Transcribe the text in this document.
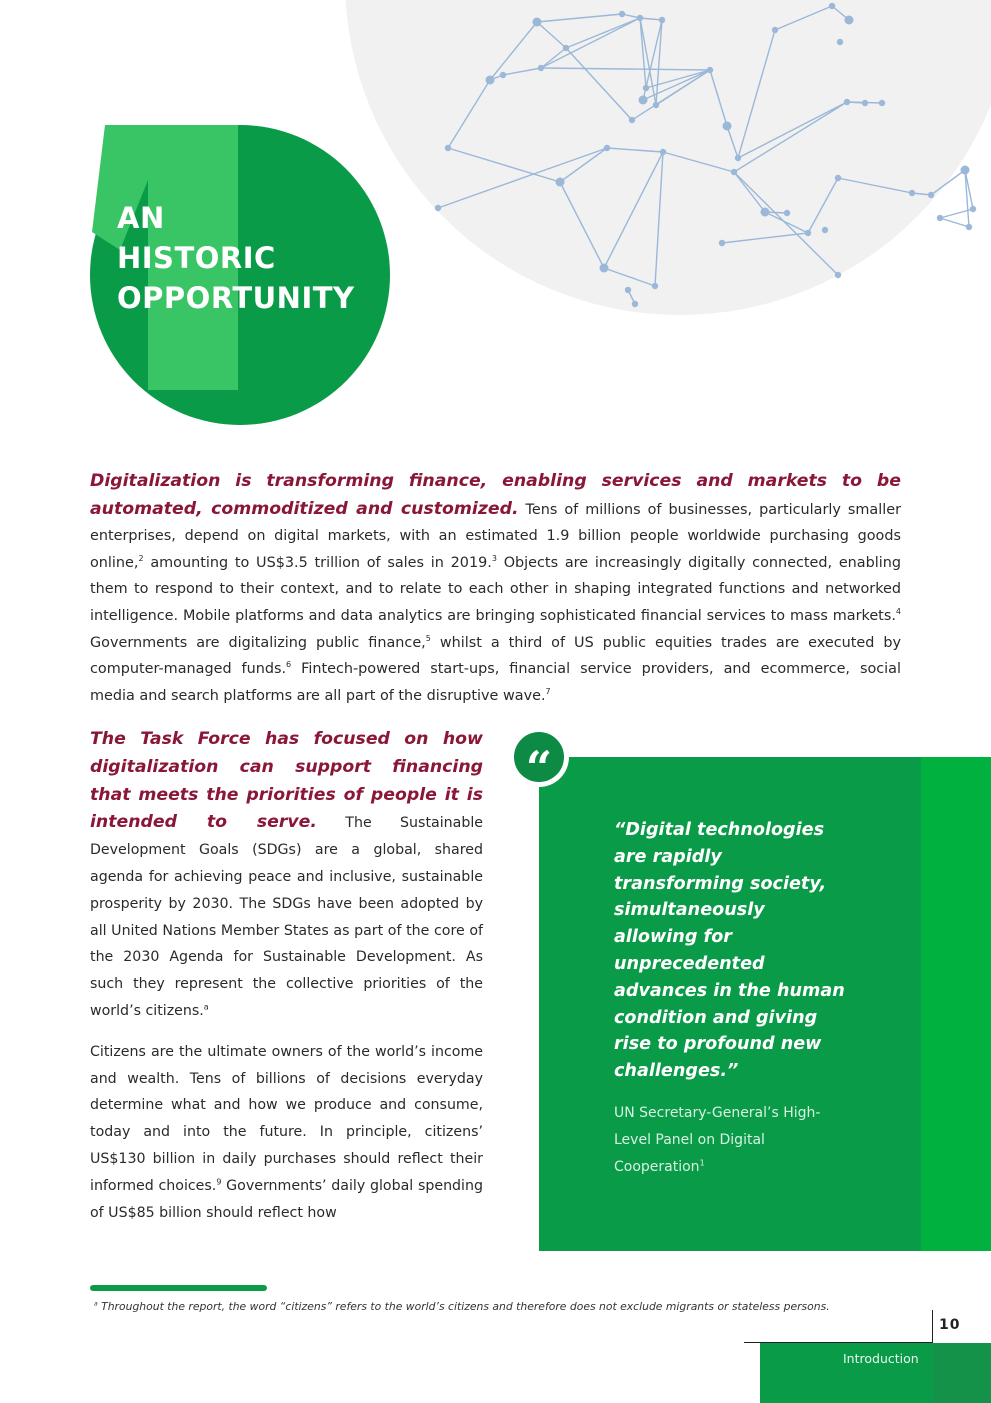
AN
HISTORIC
OPPORTUNITY

Digitalization is transforming finance, enabling services and markets to be automated, commoditized and customized. Tens of millions of businesses, particularly smaller enterprises, depend on digital markets, with an estimated 1.9 billion people worldwide purchasing goods online,$^2$ amounting to US$3.5 trillion of sales in 2019.$^3$ Objects are increasingly digitally connected, enabling them to respond to their context, and to relate to each other in shaping integrated functions and networked intelligence. Mobile platforms and data analytics are bringing sophisticated financial services to mass markets.$^4$ Governments are digitalizing public finance,$^5$ whilst a third of US public equities trades are executed by computer-managed funds.$^6$ Fintech-powered start-ups, financial service providers, and ecommerce, social media and search platforms are all part of the disruptive wave.$^7$

The Task Force has focused on how digitalization can support financing that meets the priorities of people it is intended to serve. The Sustainable Development Goals (SDGs) are a global, shared agenda for achieving peace and inclusive, sustainable prosperity by 2030. The SDGs have been adopted by all United Nations Member States as part of the core of the 2030 Agenda for Sustainable Development. As such they represent the collective priorities of the world’s citizens.$^a$

Citizens are the ultimate owners of the world’s income and wealth. Tens of billions of decisions everyday determine what and how we produce and consume, today and into the future. In principle, citizens’ US$130 billion in daily purchases should reflect their informed choices.$^9$ Governments’ daily global spending of US$85 billion should reflect how

“

“Digital technologies are rapidly transforming society, simultaneously allowing for unprecedented advances in the human condition and giving rise to profound new challenges.”

UN Secretary-General’s High-Level Panel on Digital Cooperation$^1$

$^a$ Throughout the report, the word “citizens” refers to the world’s citizens and therefore does not exclude migrants or stateless persons.

10
Introduction
